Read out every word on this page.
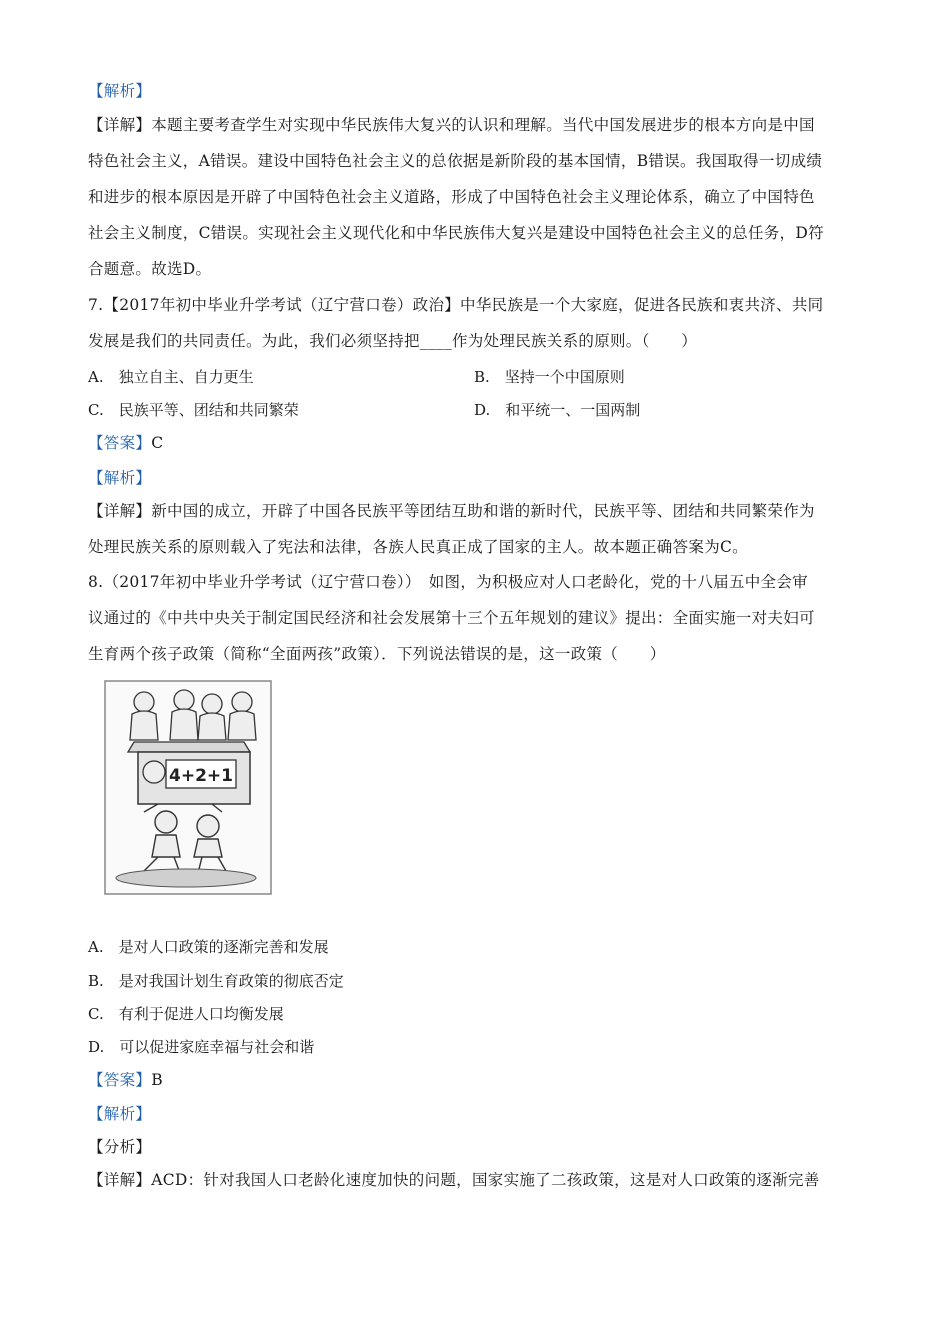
【解析】
【详解】本题主要考查学生对实现中华民族伟大复兴的认识和理解。当代中国发展进步的根本方向是中国
特色社会主义，A错误。建设中国特色社会主义的总依据是新阶段的基本国情，B错误。我国取得一切成绩
和进步的根本原因是开辟了中国特色社会主义道路，形成了中国特色社会主义理论体系，确立了中国特色
社会主义制度，C错误。实现社会主义现代化和中华民族伟大复兴是建设中国特色社会主义的总任务，D符
合题意。故选D。
7.【2017年初中毕业升学考试（辽宁营口卷）政治】中华民族是一个大家庭，促进各民族和衷共济、共同
发展是我们的共同责任。为此，我们必须坚持把____作为处理民族关系的原则。（　　）
A.　独立自主、自力更生	B.　坚持一个中国原则
C.　民族平等、团结和共同繁荣	D.　和平统一、一国两制
【答案】C
【解析】
【详解】新中国的成立，开辟了中国各民族平等团结互助和谐的新时代，民族平等、团结和共同繁荣作为
处理民族关系的原则载入了宪法和法律，各族人民真正成了国家的主人。故本题正确答案为C。
8.（2017年初中毕业升学考试（辽宁营口卷））　如图，为积极应对人口老龄化，党的十八届五中全会审
议通过的《中共中央关于制定国民经济和社会发展第十三个五年规划的建议》提出：全面实施一对夫妇可
生育两个孩子政策（简称“全面两孩”政策）．下列说法错误的是，这一政策（　　）
4+2+1
A.　是对人口政策的逐渐完善和发展
B.　是对我国计划生育政策的彻底否定
C.　有利于促进人口均衡发展
D.　可以促进家庭幸福与社会和谐
【答案】B
【解析】
【分析】
【详解】ACD：针对我国人口老龄化速度加快的问题，国家实施了二孩政策，这是对人口政策的逐渐完善
